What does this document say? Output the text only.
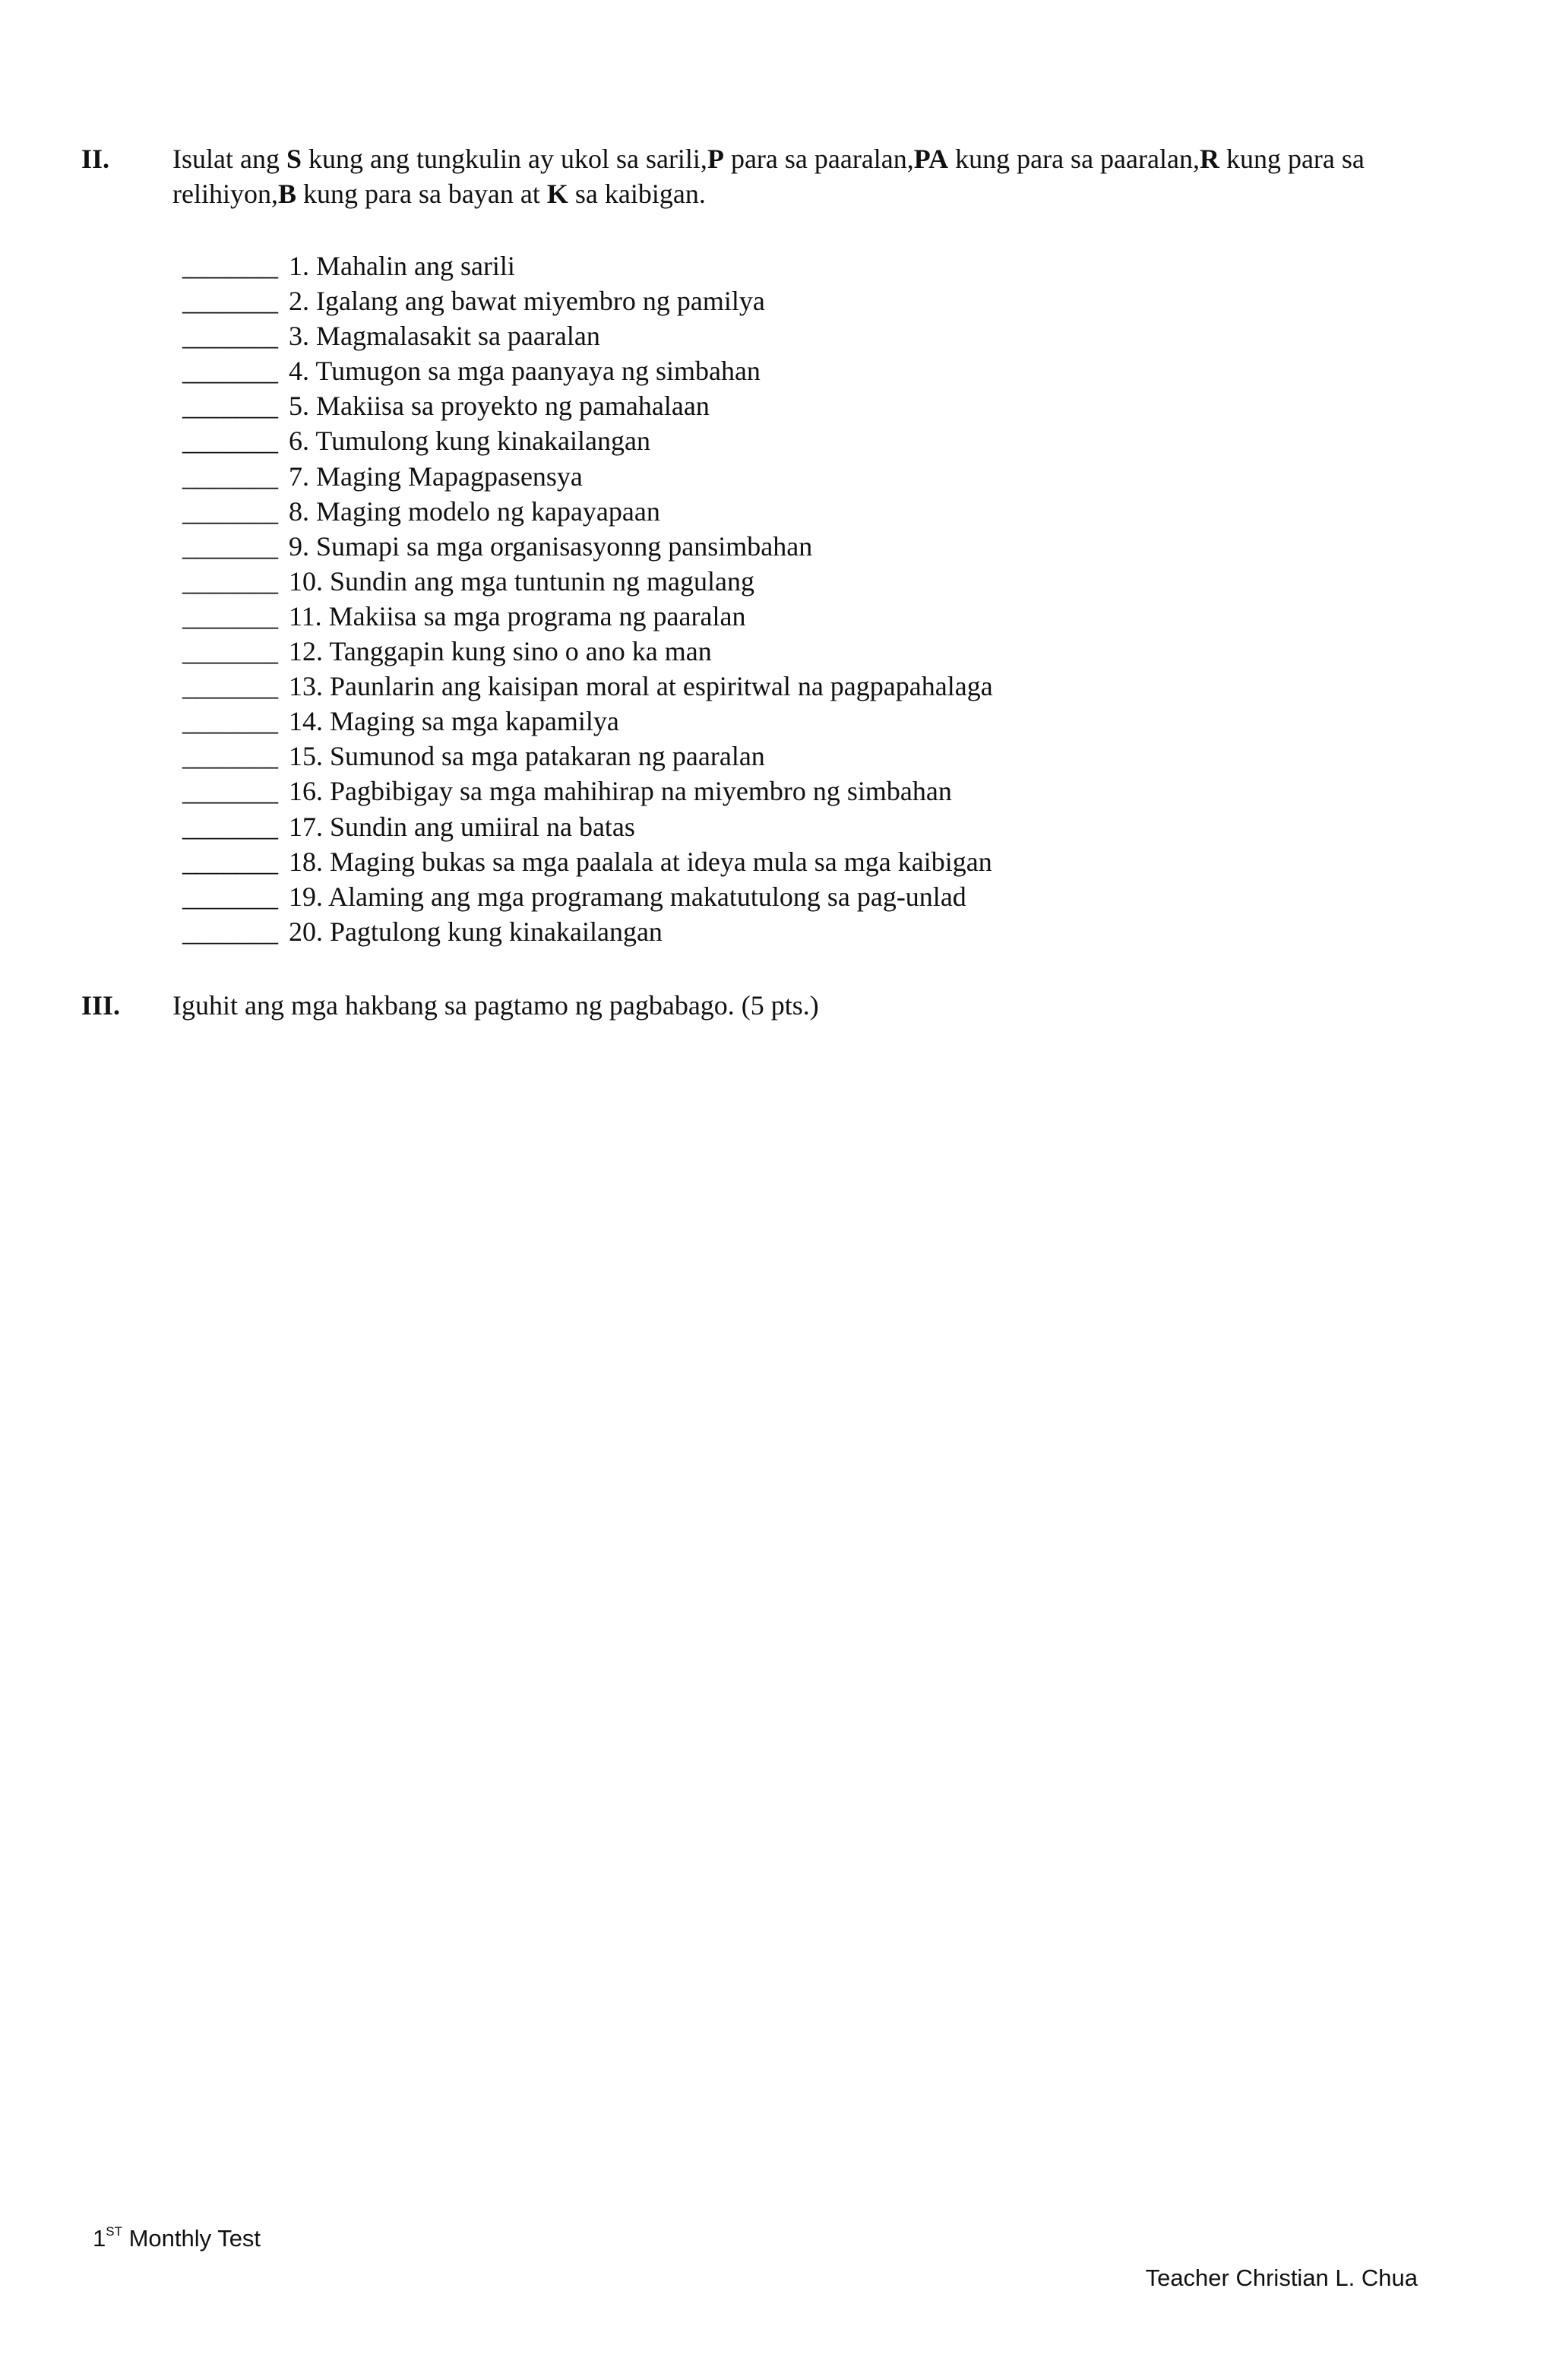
II.	Isulat ang S kung ang tungkulin ay ukol sa sarili,P para sa paaralan,PA kung para sa paaralan,R kung para sa relihiyon,B kung para sa bayan at K sa kaibigan.
_______ 1. Mahalin ang sarili
_______ 2. Igalang ang bawat miyembro ng pamilya
_______ 3. Magmalasakit sa paaralan
_______ 4. Tumugon sa mga paanyaya ng simbahan
_______ 5. Makiisa sa proyekto ng pamahalaan
_______ 6. Tumulong kung kinakailangan
_______ 7. Maging Mapagpasensya
_______ 8. Maging modelo ng kapayapaan
_______ 9. Sumapi sa mga organisasyonng pansimbahan
_______ 10. Sundin ang mga tuntunin ng magulang
_______ 11. Makiisa sa mga programa ng paaralan
_______ 12. Tanggapin kung sino o ano ka man
_______ 13. Paunlarin ang kaisipan moral at espiritwal na pagpapahalaga
_______ 14. Maging sa mga kapamilya
_______ 15. Sumunod sa mga patakaran ng paaralan
_______ 16. Pagbibigay sa mga mahihirap na miyembro ng simbahan
_______ 17. Sundin ang umiiral na batas
_______ 18. Maging bukas sa mga paalala at ideya mula sa mga kaibigan
_______ 19. Alaming ang mga programang makatutulong sa pag-unlad
_______ 20. Pagtulong kung kinakailangan
III.	Iguhit ang mga hakbang sa pagtamo ng pagbabago. (5 pts.)
1ST Monthly Test
Teacher Christian L. Chua
